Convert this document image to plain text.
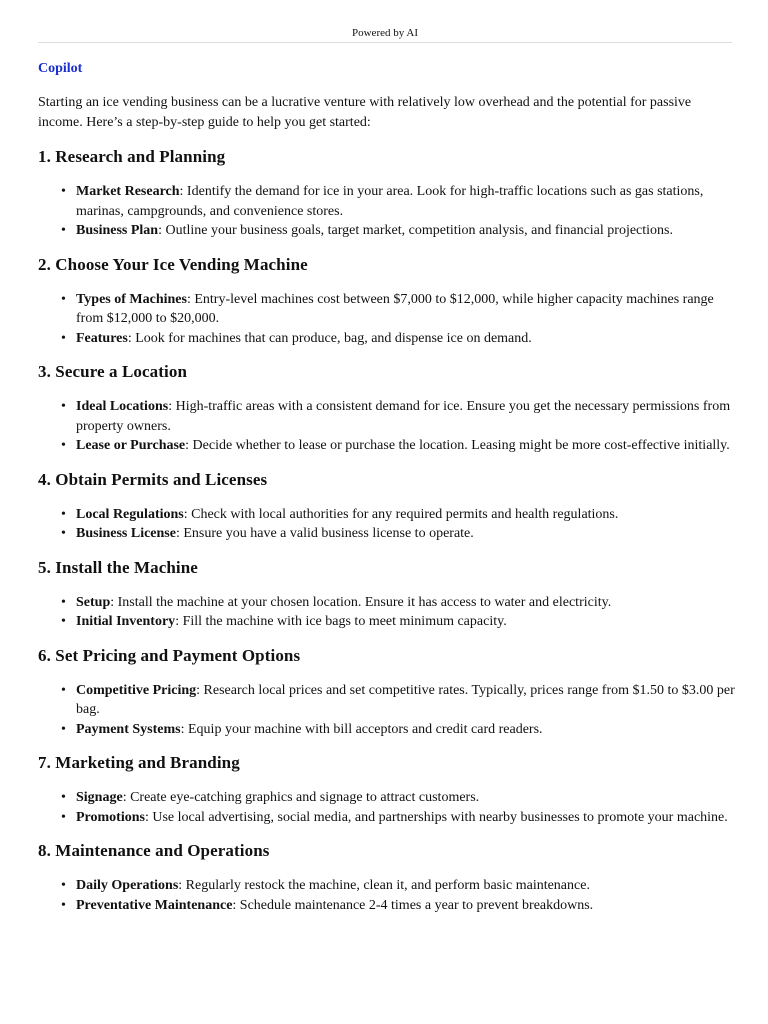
Powered by AI
Copilot

Starting an ice vending business can be a lucrative venture with relatively low overhead and the potential for passive income. Here’s a step-by-step guide to help you get started:

1. Research and Planning
• Market Research: Identify the demand for ice in your area. Look for high-traffic locations such as gas stations, marinas, campgrounds, and convenience stores.
• Business Plan: Outline your business goals, target market, competition analysis, and financial projections.
2. Choose Your Ice Vending Machine
• Types of Machines: Entry-level machines cost between $7,000 to $12,000, while higher capacity machines range from $12,000 to $20,000.
• Features: Look for machines that can produce, bag, and dispense ice on demand.
3. Secure a Location
• Ideal Locations: High-traffic areas with a consistent demand for ice. Ensure you get the necessary permissions from property owners.
• Lease or Purchase: Decide whether to lease or purchase the location. Leasing might be more cost-effective initially.
4. Obtain Permits and Licenses
• Local Regulations: Check with local authorities for any required permits and health regulations.
• Business License: Ensure you have a valid business license to operate.
5. Install the Machine
• Setup: Install the machine at your chosen location. Ensure it has access to water and electricity.
• Initial Inventory: Fill the machine with ice bags to meet minimum capacity.
6. Set Pricing and Payment Options
• Competitive Pricing: Research local prices and set competitive rates. Typically, prices range from $1.50 to $3.00 per bag.
• Payment Systems: Equip your machine with bill acceptors and credit card readers.
7. Marketing and Branding
• Signage: Create eye-catching graphics and signage to attract customers.
• Promotions: Use local advertising, social media, and partnerships with nearby businesses to promote your machine.
8. Maintenance and Operations
• Daily Operations: Regularly restock the machine, clean it, and perform basic maintenance.
• Preventative Maintenance: Schedule maintenance 2-4 times a year to prevent breakdowns.
